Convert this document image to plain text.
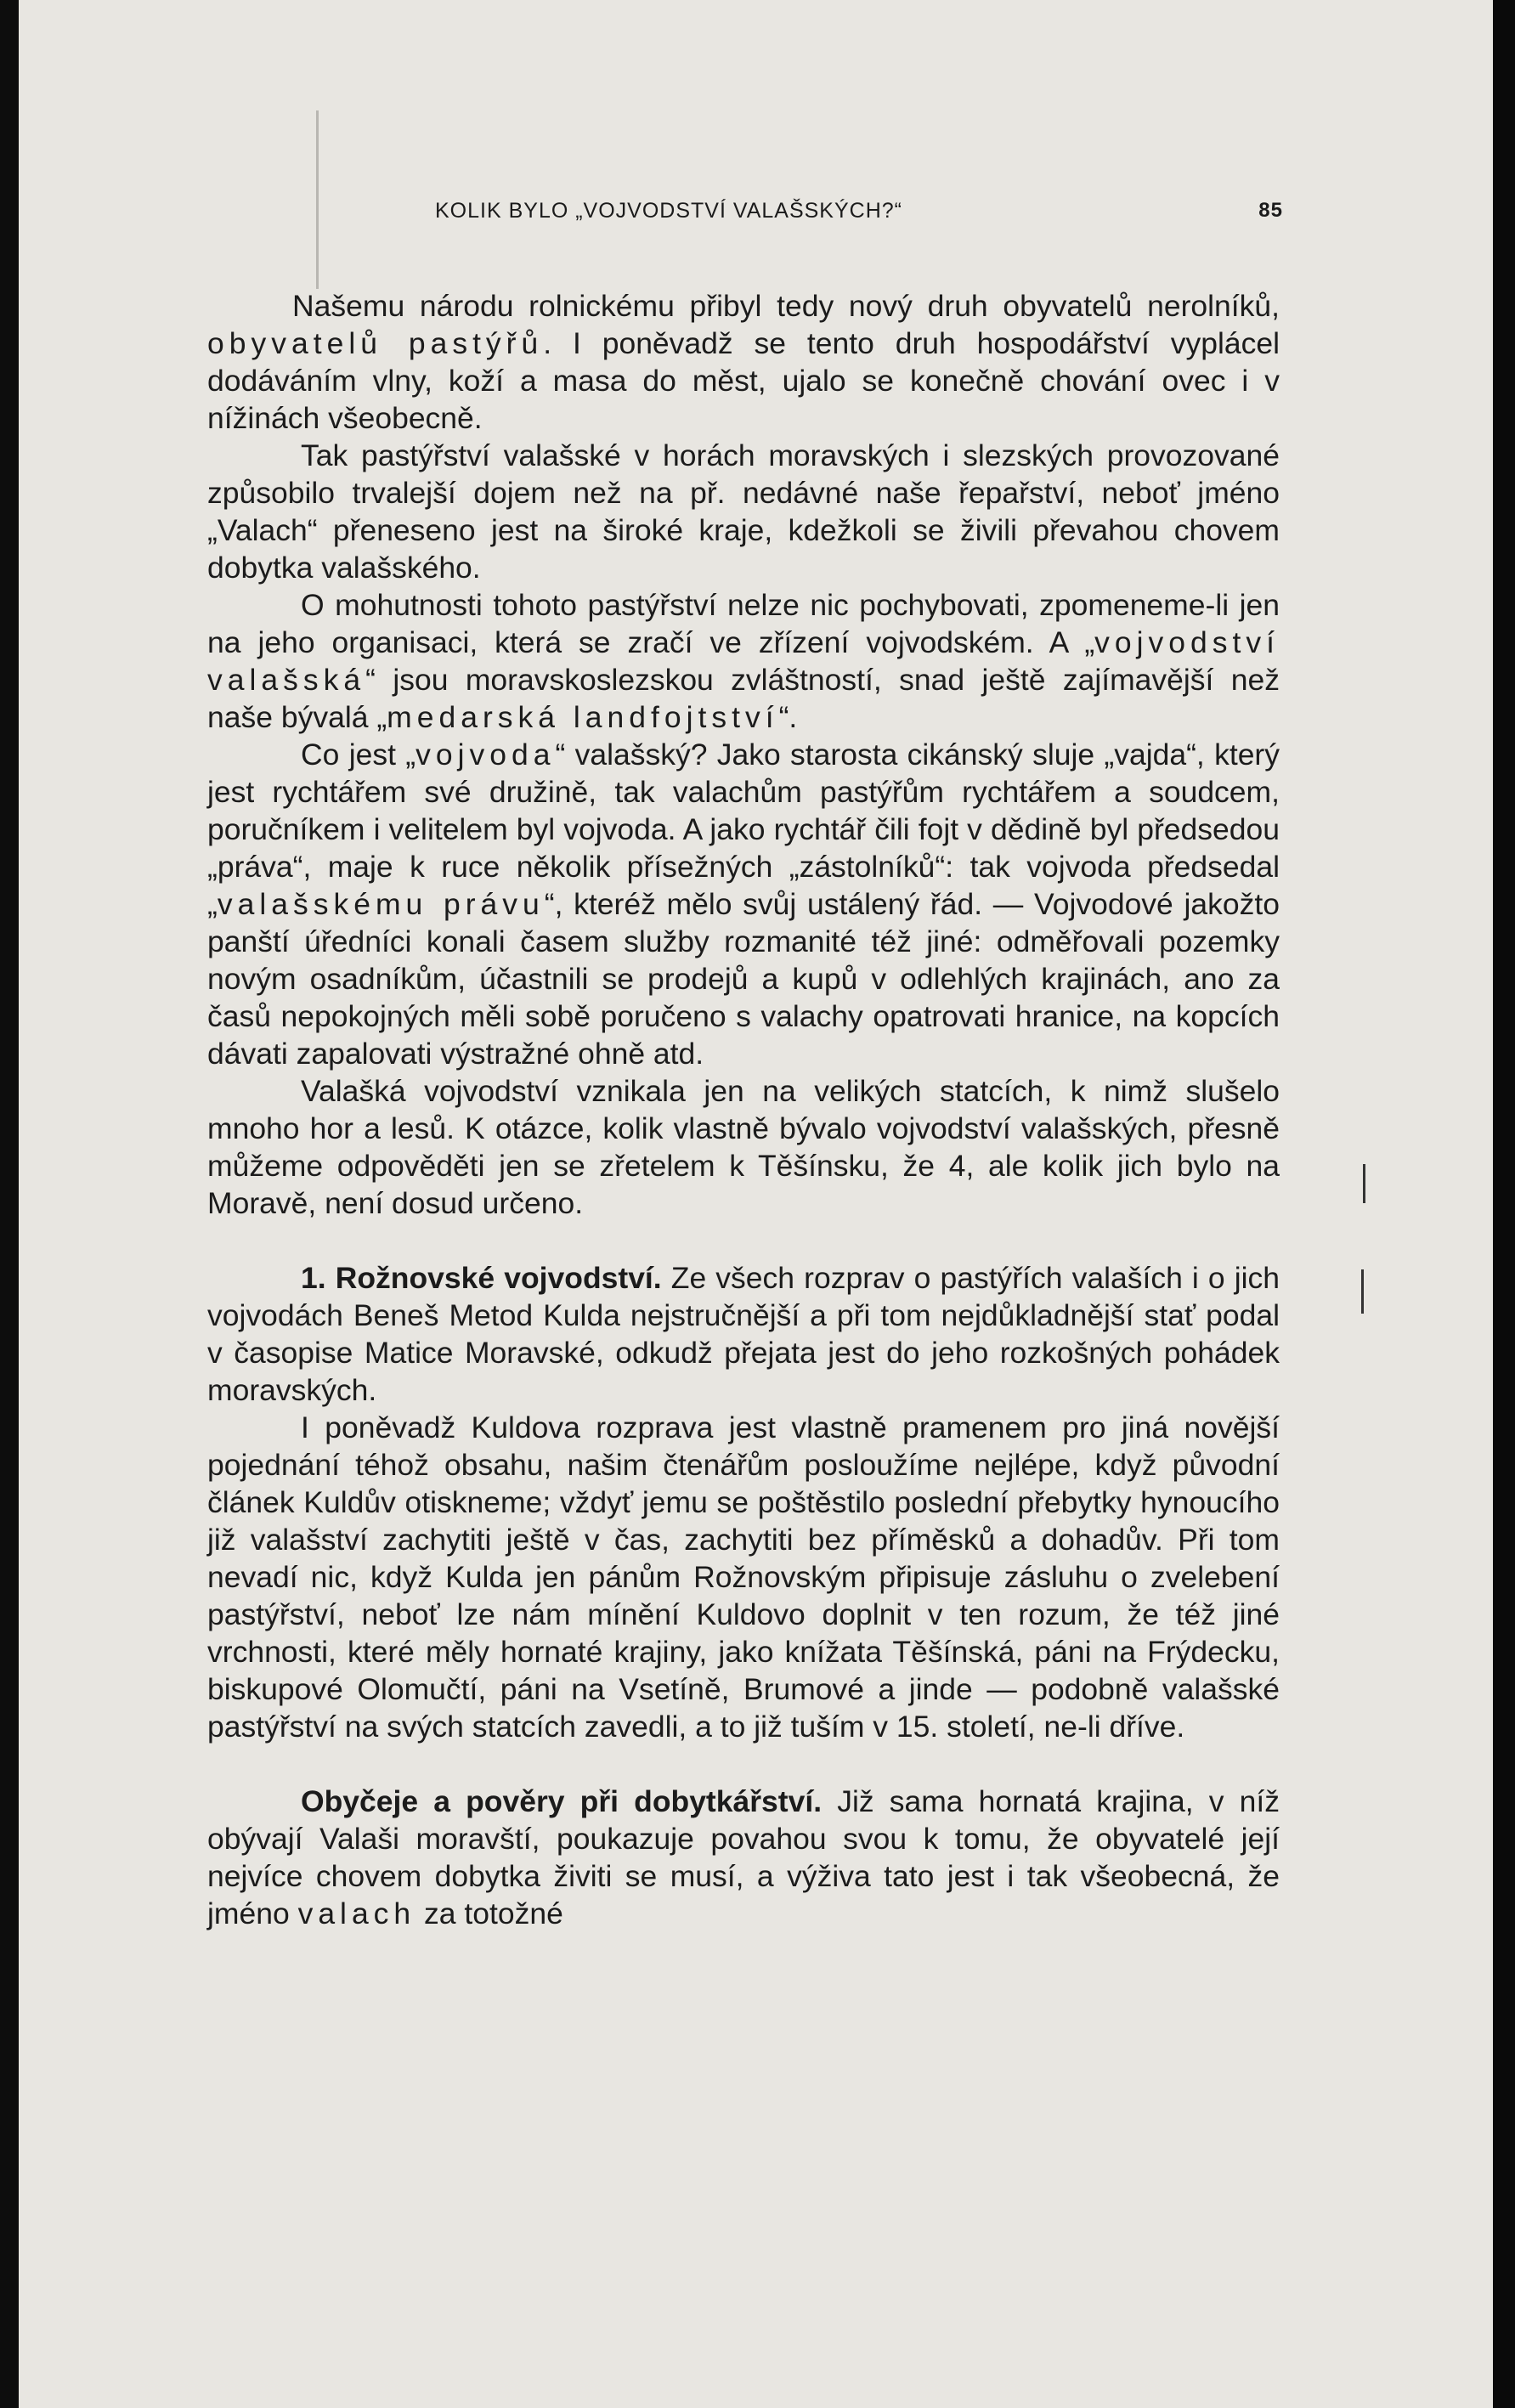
KOLIK BYLO „VOJVODSTVÍ VALAŠSKÝCH?“	85

Našemu národu rolnickému přibyl tedy nový druh obyvatelů nerolníků, obyvatelů pastýřů. I poněvadž se tento druh hospodářství vyplácel dodáváním vlny, koží a masa do měst, ujalo se konečně chování ovec i v nížinách všeobecně.

Tak pastýřství valašské v horách moravských i slezských provozované způsobilo trvalejší dojem než na př. nedávné naše řepařství, neboť jméno „Valach“ přeneseno jest na široké kraje, kdežkoli se živili převahou chovem dobytka valašského.

O mohutnosti tohoto pastýřství nelze nic pochybovati, zpomeneme-li jen na jeho organisaci, která se zračí ve zřízení vojvodském. A „vojvodství valašská“ jsou moravskoslezskou zvláštností, snad ještě zajímavější než naše bývalá „medarská landfojtství“.

Co jest „vojvoda“ valašský? Jako starosta cikánský sluje „vajda“, který jest rychtářem své družině, tak valachům pastýřům rychtářem a soudcem, poručníkem i velitelem byl vojvoda. A jako rychtář čili fojt v dědině byl předsedou „práva“, maje k ruce několik přísežných „zástolníků“: tak vojvoda předsedal „valašskému právu“, kteréž mělo svůj ustálený řád. — Vojvodové jakožto panští úředníci konali časem služby rozmanité též jiné: odměřovali pozemky novým osadníkům, účastnili se prodejů a kupů v odlehlých krajinách, ano za časů nepokojných měli sobě poručeno s valachy opatrovati hranice, na kopcích dávati zapalovati výstražné ohně atd.

Valašká vojvodství vznikala jen na velikých statcích, k nimž slušelo mnoho hor a lesů. K otázce, kolik vlastně bývalo vojvodství valašských, přesně můžeme odpověděti jen se zřetelem k Těšínsku, že 4, ale kolik jich bylo na Moravě, není dosud určeno.

1. Rožnovské vojvodství. Ze všech rozprav o pastýřích valaších i o jich vojvodách Beneš Metod Kulda nejstručnější a při tom nejdůkladnější stať podal v časopise Matice Moravské, odkudž přejata jest do jeho rozkošných pohádek moravských.

I poněvadž Kuldova rozprava jest vlastně pramenem pro jiná novější pojednání téhož obsahu, našim čtenářům posloužíme nejlépe, když původní článek Kuldův otiskneme; vždyť jemu se poštěstilo poslední přebytky hynoucího již valašství zachytiti ještě v čas, zachytiti bez příměsků a dohadův. Při tom nevadí nic, když Kulda jen pánům Rožnovským připisuje zásluhu o zvelebení pastýřství, neboť lze nám mínění Kuldovo doplnit v ten rozum, že též jiné vrchnosti, které měly hornaté krajiny, jako knížata Těšínská, páni na Frýdecku, biskupové Olomučtí, páni na Vsetíně, Brumové a jinde — podobně valašské pastýřství na svých statcích zavedli, a to již tuším v 15. století, ne-li dříve.

Obyčeje a pověry při dobytkářství. Již sama hornatá krajina, v níž obývají Valaši moravští, poukazuje povahou svou k tomu, že obyvatelé její nejvíce chovem dobytka živiti se musí, a výživa tato jest i tak všeobecná, že jméno valach za totožné
